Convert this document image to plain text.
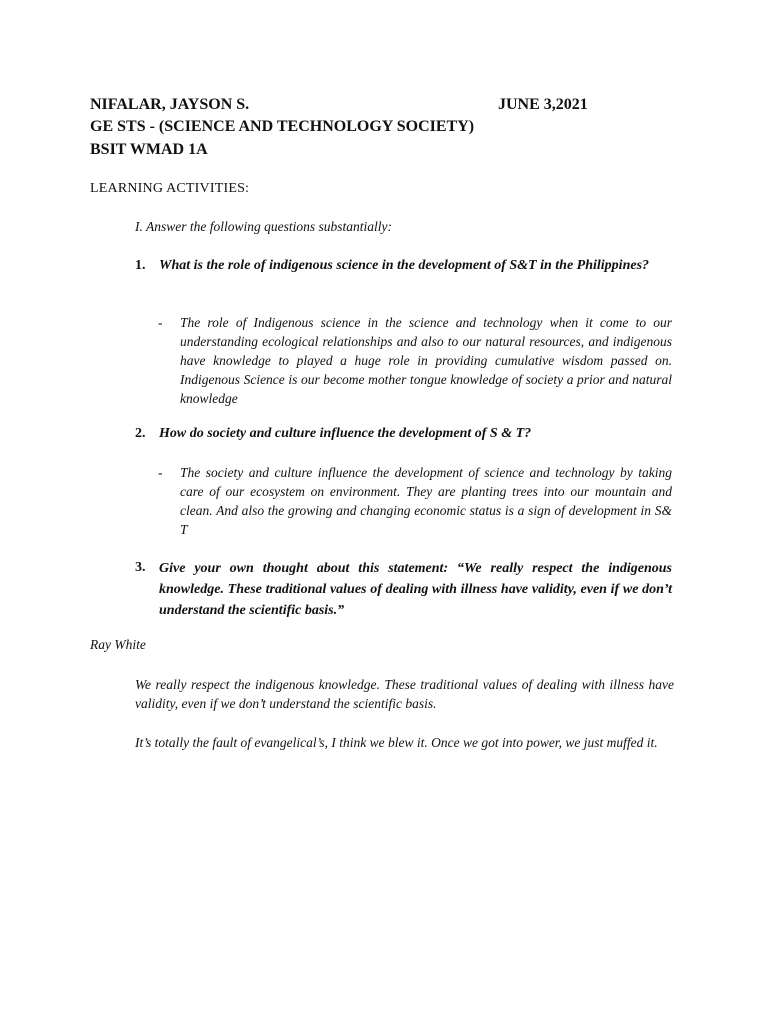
NIFALAR, JAYSON S.	JUNE 3,2021
GE STS - (SCIENCE AND TECHNOLOGY SOCIETY)
BSIT WMAD 1A
LEARNING ACTIVITIES:
I. Answer the following questions substantially:
1. What is the role of indigenous science in the development of S&T in the Philippines?
- The role of Indigenous science in the science and technology when it come to our understanding ecological relationships and also to our natural resources, and indigenous have knowledge to played a huge role in providing cumulative wisdom passed on. Indigenous Science is our become mother tongue knowledge of society a prior and natural knowledge
2. How do society and culture influence the development of S & T?
- The society and culture influence the development of science and technology by taking care of our ecosystem on environment. They are planting trees into our mountain and clean. And also the growing and changing economic status is a sign of development in S& T
3. Give your own thought about this statement: “We really respect the indigenous knowledge. These traditional values of dealing with illness have validity, even if we don’t understand the scientific basis.”
Ray White
We really respect the indigenous knowledge. These traditional values of dealing with illness have validity, even if we don’t understand the scientific basis.
It’s totally the fault of evangelical’s, I think we blew it. Once we got into power, we just muffed it.
